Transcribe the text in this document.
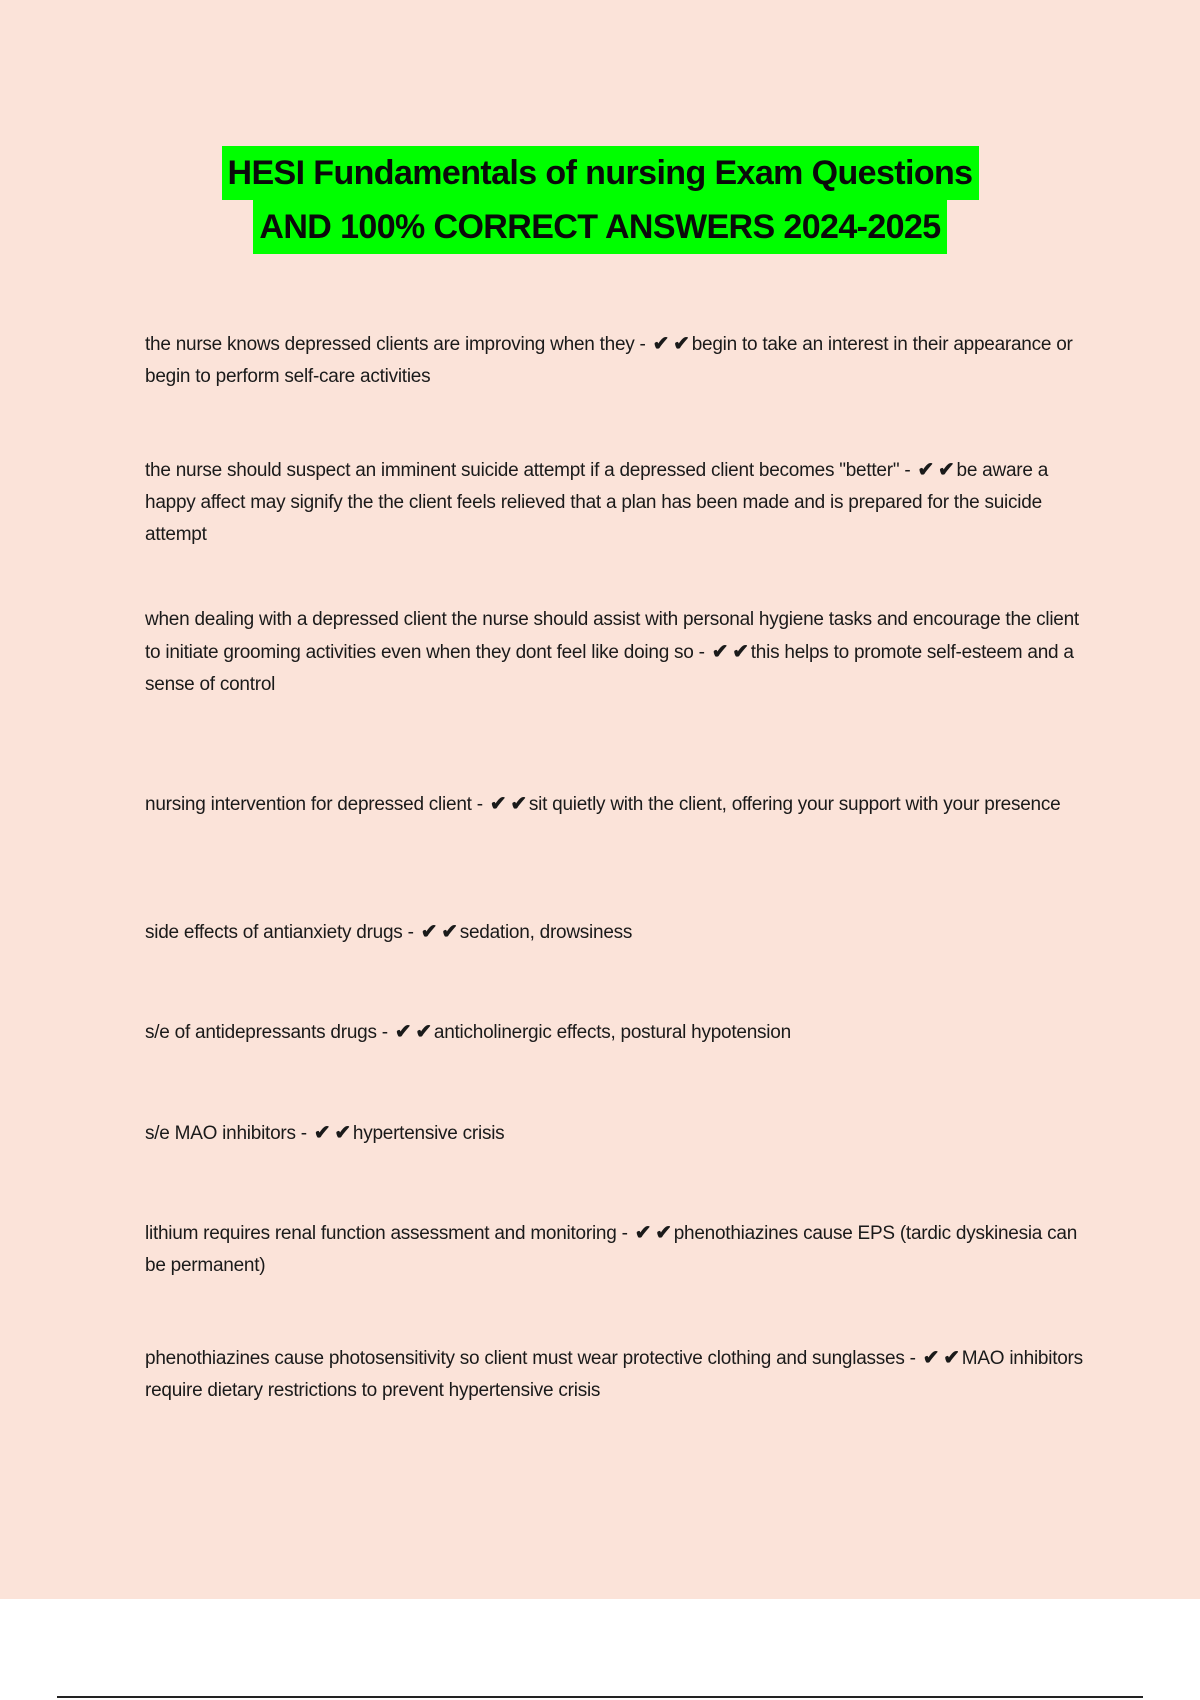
HESI Fundamentals of nursing Exam Questions
AND 100% CORRECT ANSWERS 2024-2025
the nurse knows depressed clients are improving when they - ✔ ✔ begin to take an interest in their appearance or begin to perform self-care activities
the nurse should suspect an imminent suicide attempt if a depressed client becomes "better" - ✔ ✔ be aware a happy affect may signify the the client feels relieved that a plan has been made and is prepared for the suicide attempt
when dealing with a depressed client the nurse should assist with personal hygiene tasks and encourage the client to initiate grooming activities even when they dont feel like doing so - ✔ ✔ this helps to promote self-esteem and a sense of control
nursing intervention for depressed client - ✔ ✔ sit quietly with the client, offering your support with your presence
side effects of antianxiety drugs - ✔ ✔ sedation, drowsiness
s/e of antidepressants drugs - ✔ ✔ anticholinergic effects, postural hypotension
s/e MAO inhibitors - ✔ ✔ hypertensive crisis
lithium requires renal function assessment and monitoring - ✔ ✔ phenothiazines cause EPS (tardic dyskinesia can be permanent)
phenothiazines cause photosensitivity so client must wear protective clothing and sunglasses - ✔ ✔ MAO inhibitors require dietary restrictions to prevent hypertensive crisis
